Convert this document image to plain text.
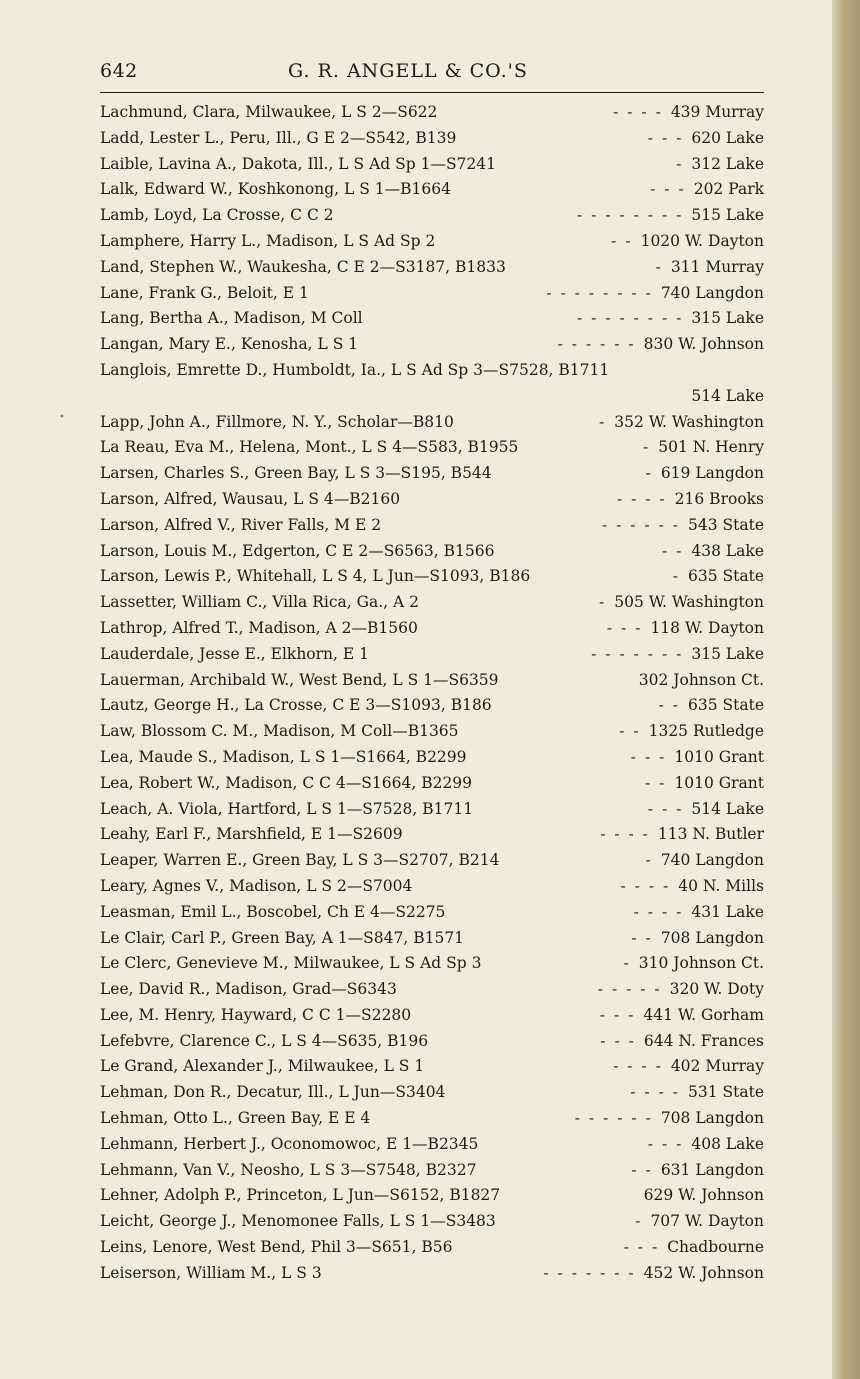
642	G. R. ANGELL & CO.'S
•
Lachmund, Clara, Milwaukee, L S 2—S622	- - - - 439 Murray
Ladd, Lester L., Peru, Ill., G E 2—S542, B139	- - - 620 Lake
Laible, Lavina A., Dakota, Ill., L S Ad Sp 1—S7241	- 312 Lake
Lalk, Edward W., Koshkonong, L S 1—B1664	- - - 202 Park
Lamb, Loyd, La Crosse, C C 2	- - - - - - - - 515 Lake
Lamphere, Harry L., Madison, L S Ad Sp 2	- - 1020 W. Dayton
Land, Stephen W., Waukesha, C E 2—S3187, B1833	- 311 Murray
Lane, Frank G., Beloit, E 1	- - - - - - - - 740 Langdon
Lang, Bertha A., Madison, M Coll	- - - - - - - - 315 Lake
Langan, Mary E., Kenosha, L S 1	- - - - - - 830 W. Johnson
Langlois, Emrette D., Humboldt, Ia., L S Ad Sp 3—S7528, B1711
514 Lake
Lapp, John A., Fillmore, N. Y., Scholar—B810	- 352 W. Washington
La Reau, Eva M., Helena, Mont., L S 4—S583, B1955	- 501 N. Henry
Larsen, Charles S., Green Bay, L S 3—S195, B544	- 619 Langdon
Larson, Alfred, Wausau, L S 4—B2160	- - - - 216 Brooks
Larson, Alfred V., River Falls, M E 2	- - - - - - 543 State
Larson, Louis M., Edgerton, C E 2—S6563, B1566	- - 438 Lake
Larson, Lewis P., Whitehall, L S 4, L Jun—S1093, B186	- 635 State
Lassetter, William C., Villa Rica, Ga., A 2	- 505 W. Washington
Lathrop, Alfred T., Madison, A 2—B1560	- - - 118 W. Dayton
Lauderdale, Jesse E., Elkhorn, E 1	- - - - - - - 315 Lake
Lauerman, Archibald W., West Bend, L S 1—S6359	302 Johnson Ct.
Lautz, George H., La Crosse, C E 3—S1093, B186	- - 635 State
Law, Blossom C. M., Madison, M Coll—B1365	- - 1325 Rutledge
Lea, Maude S., Madison, L S 1—S1664, B2299	- - - 1010 Grant
Lea, Robert W., Madison, C C 4—S1664, B2299	- - 1010 Grant
Leach, A. Viola, Hartford, L S 1—S7528, B1711	- - - 514 Lake
Leahy, Earl F., Marshfield, E 1—S2609	- - - - 113 N. Butler
Leaper, Warren E., Green Bay, L S 3—S2707, B214	- 740 Langdon
Leary, Agnes V., Madison, L S 2—S7004	- - - - 40 N. Mills
Leasman, Emil L., Boscobel, Ch E 4—S2275	- - - - 431 Lake
Le Clair, Carl P., Green Bay, A 1—S847, B1571	- - 708 Langdon
Le Clerc, Genevieve M., Milwaukee, L S Ad Sp 3	- 310 Johnson Ct.
Lee, David R., Madison, Grad—S6343	- - - - - 320 W. Doty
Lee, M. Henry, Hayward, C C 1—S2280	- - - 441 W. Gorham
Lefebvre, Clarence C., L S 4—S635, B196	- - - 644 N. Frances
Le Grand, Alexander J., Milwaukee, L S 1	- - - - 402 Murray
Lehman, Don R., Decatur, Ill., L Jun—S3404	- - - - 531 State
Lehman, Otto L., Green Bay, E E 4	- - - - - - 708 Langdon
Lehmann, Herbert J., Oconomowoc, E 1—B2345	- - - 408 Lake
Lehmann, Van V., Neosho, L S 3—S7548, B2327	- - 631 Langdon
Lehner, Adolph P., Princeton, L Jun—S6152, B1827	629 W. Johnson
Leicht, George J., Menomonee Falls, L S 1—S3483	- 707 W. Dayton
Leins, Lenore, West Bend, Phil 3—S651, B56	- - - Chadbourne
Leiserson, William M., L S 3	- - - - - - - 452 W. Johnson
